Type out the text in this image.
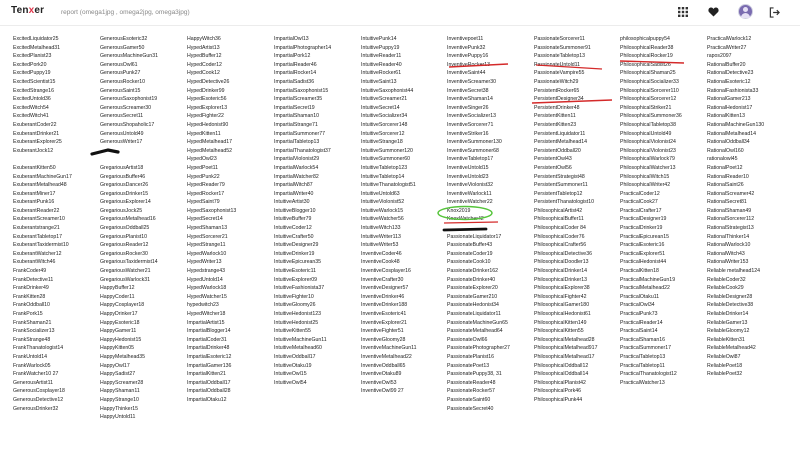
Tenxer
report (omega1jpg , omega2jpg, omega3jpg)
ExcitedLiquidator25
ExcitedMetalhead31
ExcitedPlanist23
ExcitedPork20
ExcitedPuppy19
ExcitedScientist15
ExcitedStrange16
ExcitedUntold36
ExcitedWitch54
ExcitedWitch41
ExuberantCoder22
ExuberantDrinker21
ExuberantExplorer25
ExuberantJock12
ExuberantKitten50
ExuberantMachineGun17
ExuberantMetalhead48
ExuberantMiner17
ExuberantPunk16
ExuberantReader22
ExuberantScreamer10
Exuberantstrange21
ExuberantTabletop17
ExuberantTaxidermist10
ExuberantWatcher12
ExuberantWitch46
FrankCoder49
FrankDetective11
FrankDrinker49
FrankKitten28
FrankOddball10
FrankPork15
FrankShaman21
FrankSocializer13
FrankStrange48
FrankThanatologist14
FrankUntold14
FrankWarlock05
FrankWatcher10 27
GenerousArtist11
GenerousCosplayer18
GenerousDetective12
GenerousDrinker32
GenerousEsoteric32
GenerousGamer50
GenerousMachineGun31
GenerousOwl61
GenerousPunk27
GenerousRocker10
GenerousSaint15
GenerousSaxophonist19
GenerousScreamer30
GenerousSecret11
GenerousShopaholic17
GenerousUntold49
GenerousWriter17
GregariousArtist18
GregariousBuffer46
GregariousDancer26
GregariousDrinker15
GregariousExplorer14
GregariousJock25
GregariousMetalhead16
GregariousOddball25
GregariousPlanist10
GregariousReader12
GregariousRocker30
GregariousTaxidermist14
GregariousWatcher21
GregariousWarlock31
HappyBuffer12
HappyCoder11
HappyCosplayer18
HappyDrinker17
HappyEsoteric18
HappyGamer11
HappyHedonist15
HappyKitten05
HappyMetalhead35
HappyOwl17
HappySadist27
HappyScreamer28
HappyShaman11
HappyStrange10
HappyThinker15
HappyUntold11
HappyWitch36
HypedArtist13
HypedBuffer12
HypedCoder12
HypedCook12
HypedDetective26
HypedDrinker99
HypedEsoteric56
HypedExplorer13
HypedFighter22
HypedHedonist90
HypedKitten11
HypedMetalhead17
HypedMetalhead52
HypedOwl23
HypedPoet11
HypedPunk22
HypedReader79
HypedRocker17
HypedSaint79
HypedSaxophonist13
HypedSecret14
HypedShaman13
HypedSorcerer21
HypedStrange11
HypedWarlock10
HypedWriter13
Hypedstrange43
HypedUntold14
HypedWarlock18
HypedWatcher15
hypedwitch23
HypedWitcher18
ImpartialArtist15
ImpartialBlogger14
ImpartialCoder31
ImpartialDrinker48
ImpartialEsoteric12
ImpartialGamer136
ImpartialKitten21
ImpartialOddball17
ImpartialOddball28
ImpartialOtaku12
ImpartialOwl13
ImpartialPhotographer14
ImpartialPork12
ImpartialReader46
ImpartialRocker14
ImpartialSadist36
ImpartialSaxophonist15
ImpartialScreamer35
ImpartialSecret19
ImpartialShaman10
ImpartialStrange71
ImpartialSummoner77
ImpartialTabletop13
ImpartialThanatologist37
ImpartialViolonist29
ImpartialWarlock54
ImpartialWatcher82
ImpartialWitch87
ImpartialWriter40
IntuitiveArtist30
IntuitiveBlogger10
IntuitiveBuffer79
IntuitiveCoder12
IntuitiveCrafter50
IntuitiveDesigner29
IntuitiveDrinker19
IntuitiveEpicurean35
IntuitiveEsoteric11
IntuitiveExplorer09
IntuitiveFashionista37
IntuitiveFighter10
IntuitiveGloomy26
IntuitiveHedonist123
IntuitiveHedonist25
IntuitiveKitten55
IntuitiveMachineGun11
IntuitiveMetalhead60
IntuitiveOddball17
IntuitiveOtaku19
IntuitiveOwl15
IntuitiveOwl54
IntuitivePunk14
IntuitivePuppy19
IntuitiveReader11
IntuitiveReader40
IntuitiveRocker61
IntuitiveSaint13
IntuitiveSaxophonist44
IntuitiveScreamer21
IntuitiveSecret14
IntuitiveSocializer34
IntuitiveSorcerer148
IntuitiveSorcerer12
IntuitiveStrange18
IntuitiveSummoner120
IntuitiveSummoner60
IntuitiveTabletop123
IntuitiveTabletop14
IntuitiveThanatologist51
IntuitiveUntold63
IntuitiveViolonist52
IntuitiveWarlock15
IntuitiveWatcher56
IntuitiveWitch133
IntuitiveWriter113
IntuitiveWriter53
InventiveCoder46
InventiveCook48
InventiveCosplayer16
InventiveCrafter30
InventiveDesigner57
InventiveDrinker46
InventiveDrinker188
InventiveEsoteric41
InventiveExplorer21
InventiveFighter51
InventiveGloomy28
InventiveMachineGun11
InventiveMetalhead22
InventiveOddball65
InventiveOtaku89
InventiveOwl53
InventiveOwl99 27
Inventivepoet11
InventivePunk32
InventivePuppy16
InventiveRocker13
InventiveSaint44
InventiveScreamer30
InventiveSecret38
InventiveShaman14
InventiveSinger26
InventiveSocializer13
InventiveSorcerer71
InventiveStriker16
InventiveSummoner130
InventiveSummoner68
InventiveTabletop17
InventiveUntold15
InventiveUntold23
InventiveViolonist32
InventiveWarlock11
InventiveWatcher22
Knox2019
KnoxWatcher42
PassionateLiquidator17
PassionateBuffer43
PassionateCoder19
PassionateCook10
PassionateDrinker162
PassionateDrinker40
PassionateExplorer20
PassionateGamer210
PassionateHedonist34
PassionateLiquidator11
PassionateMachineGun65
PassionateMetalhead64
PassionateOwl66
PassionatePhotographer27
PassionatePlanist16
PassionatePoet13
PassionatePuppy38, 31
PassionateReader48
PassionateRocker57
PassionateSaint60
PassionateSecret40
PassionateSorcerer11
PassionateSummoner91
PassionateTabletop13
PassionateUntold11
PassionateVampire55
PassionateWitch29
PersistentRocker65
PersistentDesigner34
PersistentDrinker48
PersistentKitten11
PersistentKitten23
PersistentLiquidator11
PersistentMetalhead14
PersistentOddball20
PersistentOwl43
PersistentOwl56
PersistentStrategist48
PersistentSummoner11
PersistentTabletop12
PersistentThanatologist10
PhilosophicalArtist42
PhilosophicalBuffer11
PhilosophicalCoder 84
PhilosophicalCoder76
PhilosophicalCrafter56
PhilosophicalDetective36
PhilosophicalDoodler13
PhilosophicalDrinker14
PhilosophicalDrinker13
PhilosophicalExplorer38
PhilosophicalFighter42
PhilosophicalGamer180
PhilosophicalHedonist61
PhilosophicalKitten149
PhilosophicalKitten55
PhilosophicalMetalhead28
PhilosophicalMetalhead917
PhilosophicalMetalhead17
PhilosophicalOddball12
PhilosophicalOddball14
PhilosophicalPlanist42
PhilosophicalPork46
PhilosophicalPunk44
philosophicalpuppy54
PhilosophicalReader38
PhilosophicalRocker19
PhilosophicalSadist26
PhilosophicalShaman25
PhilosophicalSocializer33
PhilosophicalSorcerer110
PhilosophicalSorcerer12
PhilosophicalStriker21
PhilosophicalSummoner36
PhilosophicalTabletop38
PhilosophicalUntold49
PhilosophicalViolonist24
PhilosophicalViolonist23
PhilosophicalWarlock79
PhilosophicalWatcher13
PhilosophicalWitch15
PhilosophicalWriter42
PracticalCoder12
PracticalCook27
PracticalCrafter17
PracticalDesigner19
PracticalDrinker19
PracticalEpicurean15
PracticalEsoteric16
PracticalExplorer51
PracticalHedonist44
PracticalKitten18
PracticalMachineGun19
PracticalMetalhead22
PracticalOtaku11
PracticalOwl34
PracticalPunk73
PracticalReader14
PracticalSaint14
PracticalShaman16
PracticalSummoner17
PracticalTabletop13
PracticalTabletop11
PracticalThanatologist12
PracticalWatcher13
PracticalWarlock12
PracticalWriter27
rapos2097
RationalBuffer20
RationalDetective23
RationalEsoteric12
RationalFashionista33
RationalGamer213
RationalHedonist17
RationalKitten13
RationalMachineGun130
RationalMetalhead14
RationalOddball34
RationalOwl160
rationalowl45
RationalPoet12
RationalReader10
RationalSaint26
RationalScreamer42
RationalSecret81
RationalShaman49
RationalSorcerer112
RationalStrategist13
RationalThinker14
RationalWarlock10
RationalWitch43
RationalWriter153
Reliable metalhead124
ReliableCoder32
ReliableCook29
ReliableDesigner28
ReliableDetective38
ReliableDrinker14
ReliableGamer13
ReliableGloomy12
ReliableKitten31
ReliableMetalhead42
ReliableOwl87
ReliablePoet18
ReliablePoet32
